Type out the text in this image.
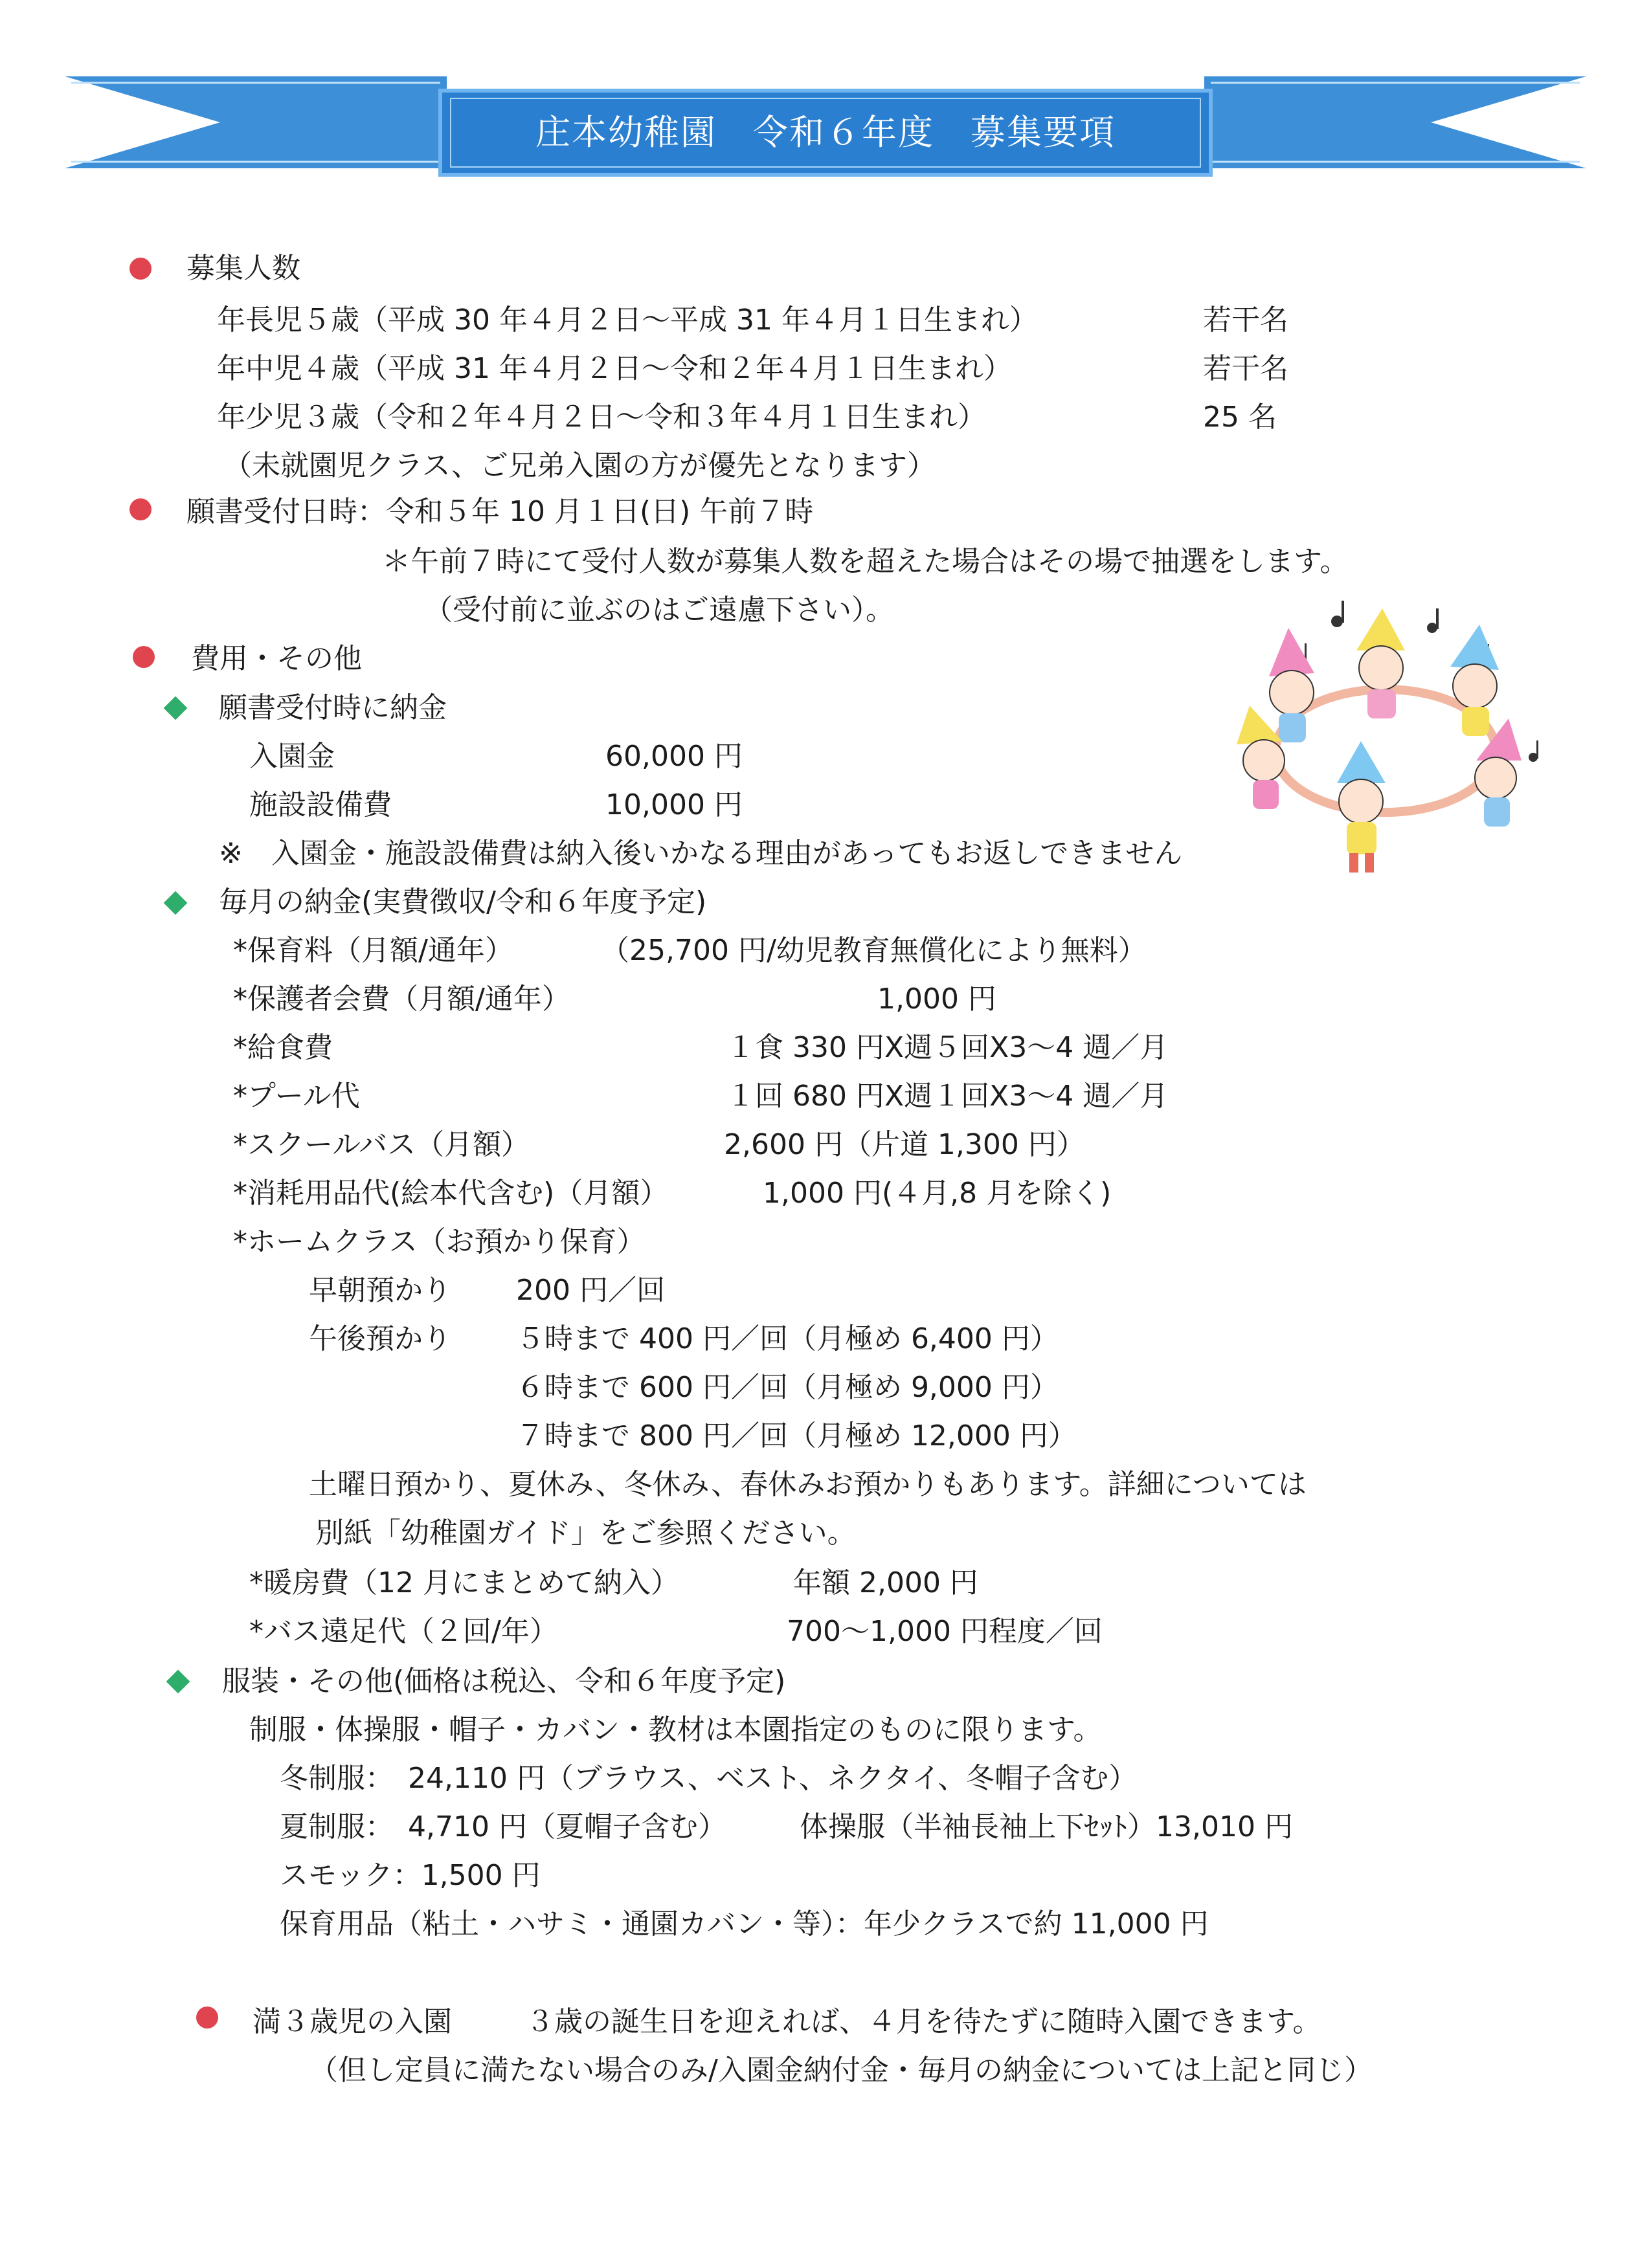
庄本幼稚園　令和６年度　募集要項
募集人数
年長児５歳（平成 30 年４月２日〜平成 31 年４月１日生まれ）	若干名
年中児４歳（平成 31 年４月２日〜令和２年４月１日生まれ）	若干名
年少児３歳（令和２年４月２日〜令和３年４月１日生まれ）	25 名
（未就園児クラス、ご兄弟入園の方が優先となります）
願書受付日時：令和５年 10 月１日(日) 午前７時
＊午前７時にて受付人数が募集人数を超えた場合はその場で抽選をします。
（受付前に並ぶのはご遠慮下さい）。
費用・その他
願書受付時に納金
入園金	60,000 円
施設設備費	10,000 円
※　入園金・施設設備費は納入後いかなる理由があってもお返しできません
毎月の納金(実費徴収/令和６年度予定)
*保育料（月額/通年）	（25,700 円/幼児教育無償化により無料）
*保護者会費（月額/通年）	1,000 円
*給食費	１食 330 円X週５回X3〜4 週／月
*プール代	１回 680 円X週１回X3〜4 週／月
*スクールバス（月額）	2,600 円（片道 1,300 円）
*消耗用品代(絵本代含む)（月額）	1,000 円(４月,8 月を除く)
*ホームクラス（お預かり保育）
早朝預かり 200 円／回
午後預かり ５時まで 400 円／回（月極め 6,400 円）
６時まで 600 円／回（月極め 9,000 円）
７時まで 800 円／回（月極め 12,000 円）
土曜日預かり、夏休み、冬休み、春休みお預かりもあります。詳細については
別紙「幼稚園ガイド」をご参照ください。
*暖房費（12 月にまとめて納入）	年額 2,000 円
*バス遠足代（２回/年）	700〜1,000 円程度／回
服装・その他(価格は税込、令和６年度予定)
制服・体操服・帽子・カバン・教材は本園指定のものに限ります。
冬制服：　24,110 円（ブラウス、ベスト、ネクタイ、冬帽子含む）
夏制服：　4,710 円（夏帽子含む）	体操服（半袖長袖上下ｾｯﾄ）13,010 円
スモック：1,500 円
保育用品（粘土・ハサミ・通園カバン・等）：年少クラスで約 11,000 円
満３歳児の入園	３歳の誕生日を迎えれば、４月を待たずに随時入園できます。
（但し定員に満たない場合のみ/入園金納付金・毎月の納金については上記と同じ）
